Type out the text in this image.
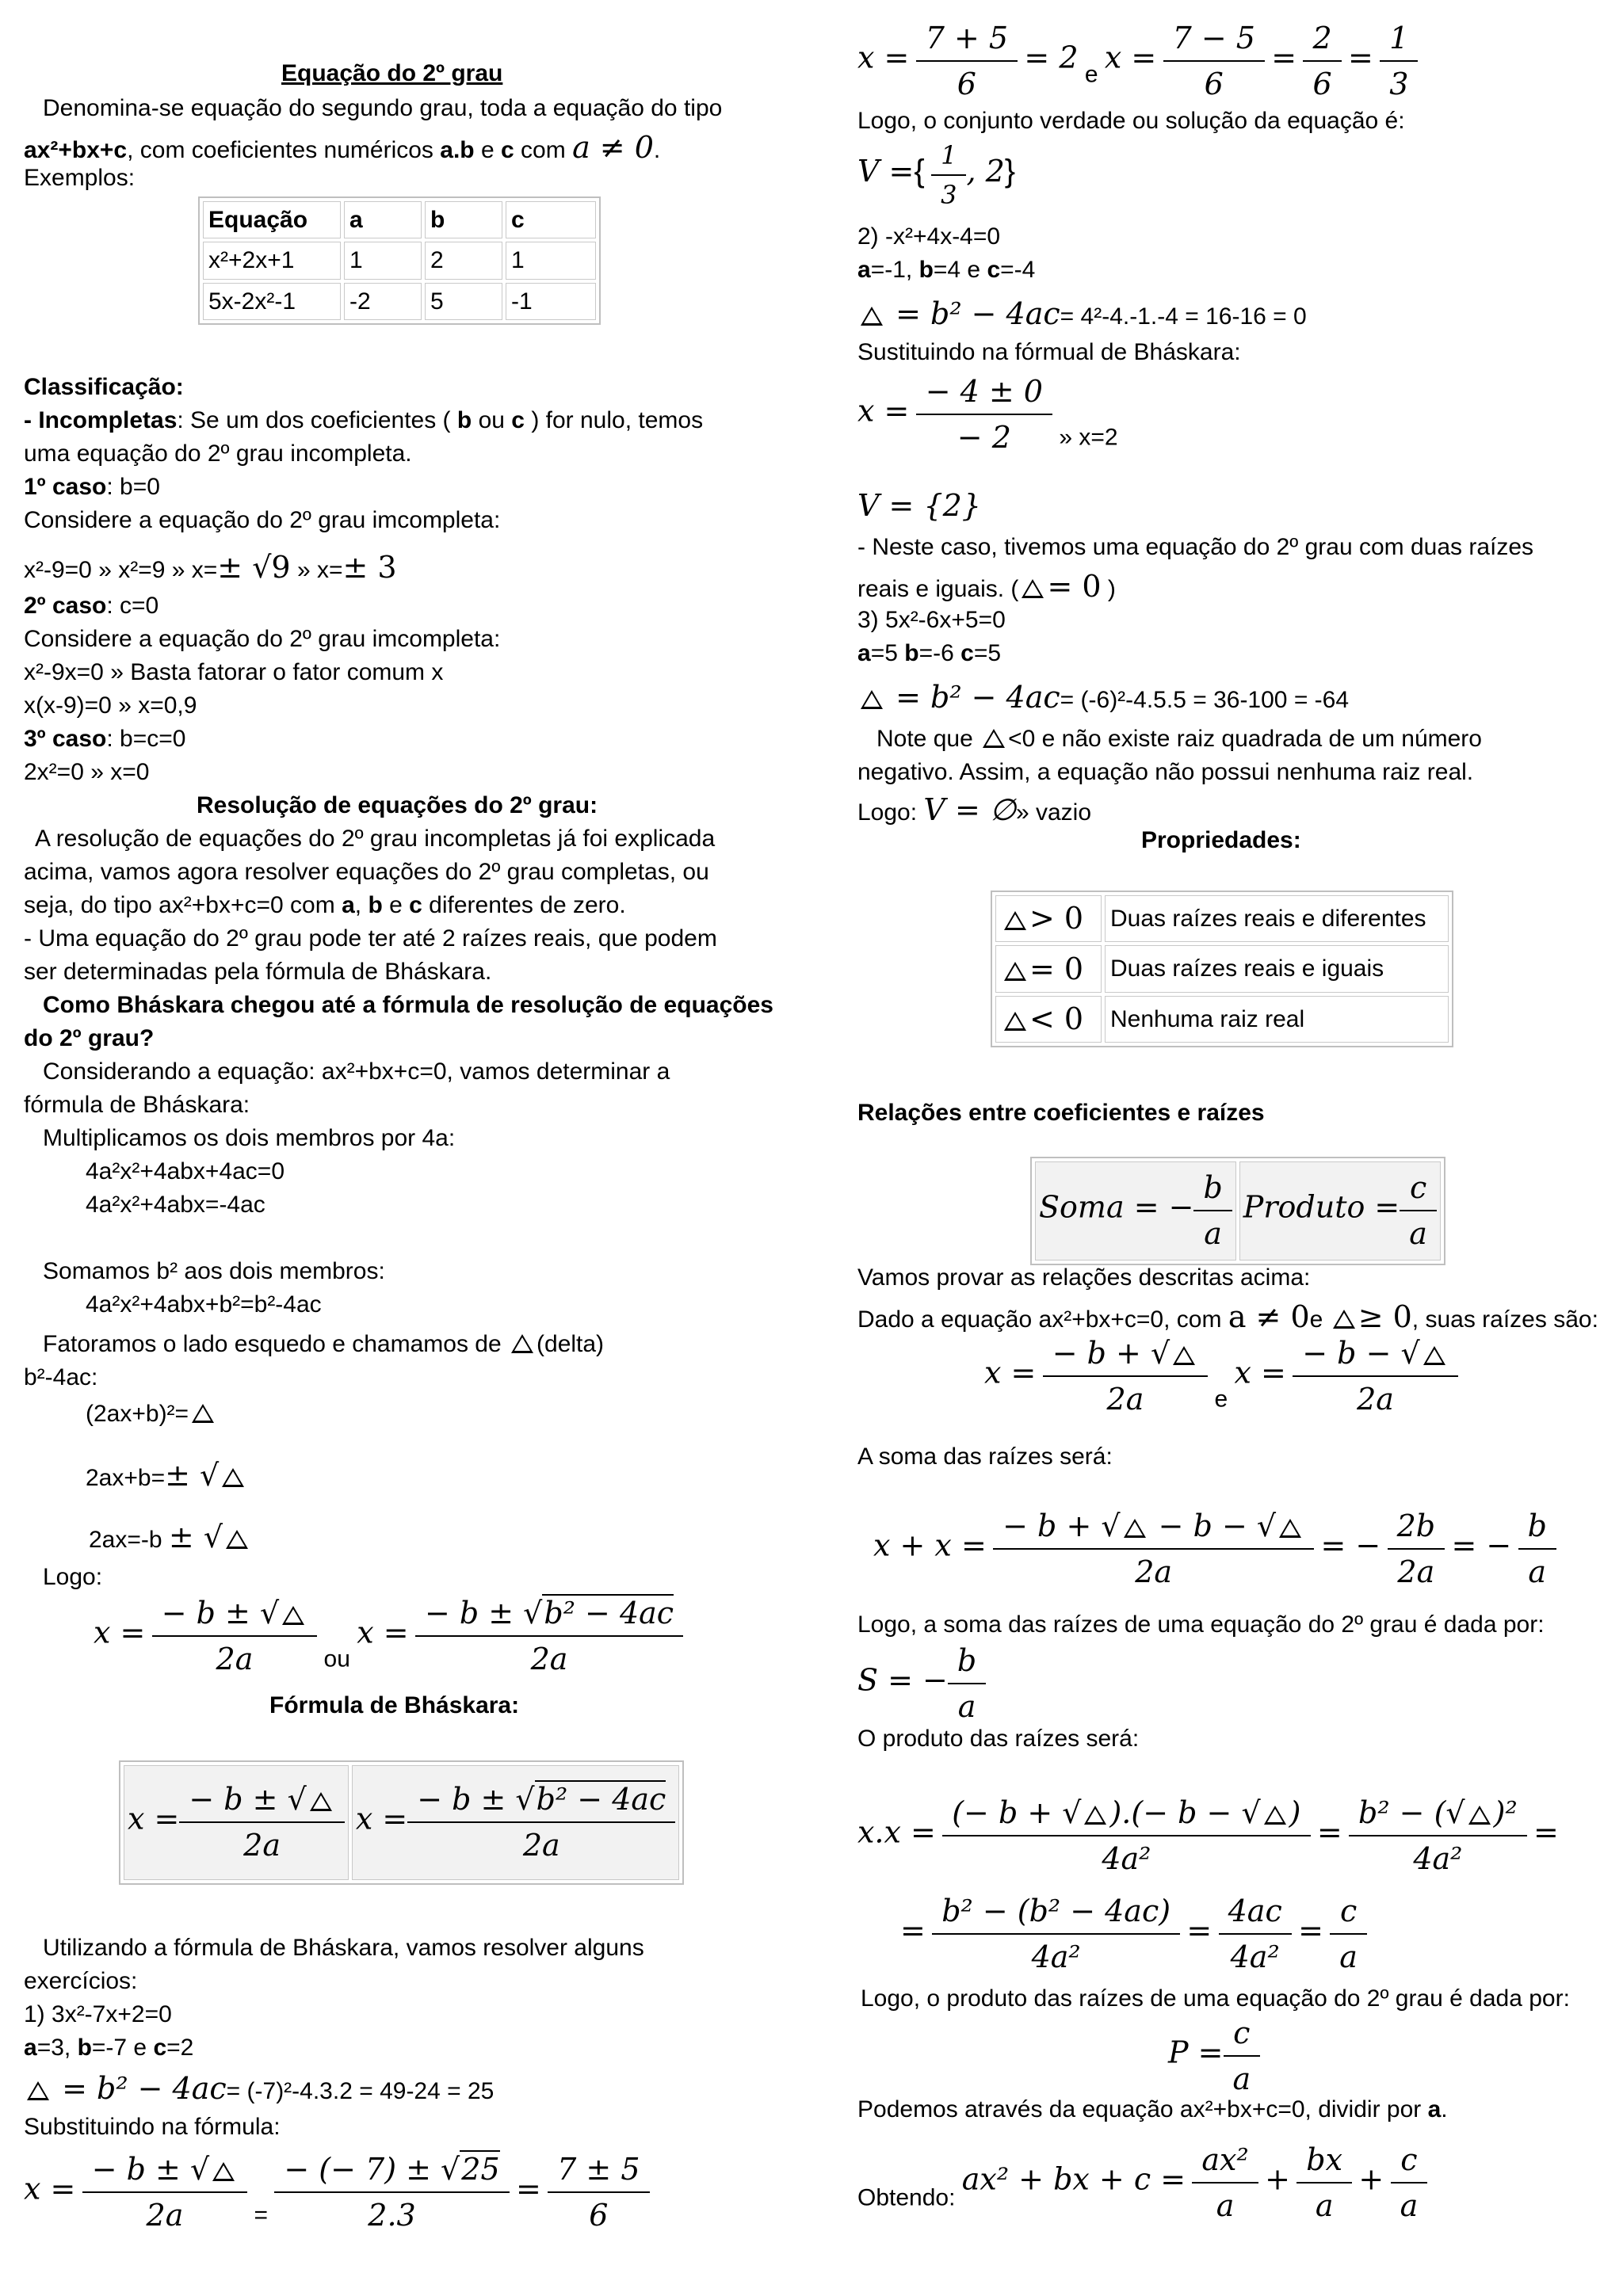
Equação do 2º grau
Denomina-se equação do segundo grau, toda a equação do tipo
ax²+bx+c, com coeficientes numéricos a.b e c com a ≠ 0.
Exemplos:
Equação	a	b	c
x²+2x+1	1	2	1
5x-2x²-1	-2	5	-1
Classificação:
- Incompletas: Se um dos coeficientes ( b ou c ) for nulo, temos
uma equação do 2º grau incompleta.
1º caso: b=0
Considere a equação do 2º grau imcompleta:
x²-9=0 » x²=9 » x=± √9 » x=± 3
2º caso: c=0
Considere a equação do 2º grau imcompleta:
x²-9x=0 » Basta fatorar o fator comum x
x(x-9)=0 » x=0,9
3º caso: b=c=0
2x²=0 » x=0
Resolução de equações do 2º grau:
A resolução de equações do 2º grau incompletas já foi explicada
acima, vamos agora resolver equações do 2º grau completas, ou
seja, do tipo ax²+bx+c=0 com a, b e c diferentes de zero.
- Uma equação do 2º grau pode ter até 2 raízes reais, que podem
ser determinadas pela fórmula de Bháskara.
Como Bháskara chegou até a fórmula de resolução de equações
do 2º grau?
Considerando a equação: ax²+bx+c=0, vamos determinar a
fórmula de Bháskara:
Multiplicamos os dois membros por 4a:
4a²x²+4abx+4ac=0
4a²x²+4abx=-4ac
Somamos b² aos dois membros:
4a²x²+4abx+b²=b²-4ac
Fatoramos o lado esquedo e chamamos de (delta)
b²-4ac:
(2ax+b)²=
2ax+b=± √
2ax=-b ± √
Logo:
$x = \frac{- b \pm √}{2a}$ ou $x = \frac{\text{− b ± √b² − 4ac}}{2a}$
Fórmula de Bháskara:
$x = \frac{- b \pm √}{2a}$	$x = \frac{\text{− b ± √b² − 4ac}}{2a}$
Utilizando a fórmula de Bháskara, vamos resolver alguns
exercícios:
1) 3x²-7x+2=0
a=3, b=-7 e c=2
= b² − 4ac= (-7)²-4.3.2 = 49-24 = 25
Substituindo na fórmula:
$x = \frac{- b \pm √}{2a} = \frac{- (- 7) \pm √25}{2.3} = \frac{7 \pm 5}{6}$
$x = \frac{7 + 5}{6} = 2$ e $x = \frac{7 - 5}{6} = \frac{2}{6} = \frac{1}{3}$
Logo, o conjunto verdade ou solução da equação é:
V ={ $\frac{1}{3}$ , 2}
2) -x²+4x-4=0
a=-1, b=4 e c=-4
= b² − 4ac= 4²-4.-1.-4 = 16-16 = 0
Sustituindo na fórmual de Bháskara:
$x = \frac{- 4 \pm 0}{- 2}$ » x=2
V = {2}
- Neste caso, tivemos uma equação do 2º grau com duas raízes
reais e iguais. ( = 0 )
3) 5x²-6x+5=0
a=5 b=-6 c=5
= b² − 4ac= (-6)²-4.5.5 = 36-100 = -64
Note que <0 e não existe raiz quadrada de um número
negativo. Assim, a equação não possui nenhuma raiz real.
Logo: V = ∅» vazio
Propriedades:
> 0	Duas raízes reais e diferentes
= 0	Duas raízes reais e iguais
< 0	Nenhuma raiz real
Relações entre coeficientes e raízes
Soma = − $\frac{b}{a}$	Produto = $\frac{c}{a}$
Vamos provar as relações descritas acima:
Dado a equação ax²+bx+c=0, com a ≠ 0e ≥ 0, suas raízes são:
$x = \frac{- b + √}{2a}$ e $x = \frac{- b - √}{2a}$
A soma das raízes será:
$x + x = \frac{- b + √ - b - √}{2a}$ = − $\frac{2b}{2a}$ = − $\frac{b}{a}$
Logo, a soma das raízes de uma equação do 2º grau é dada por:
S = − $\frac{b}{a}$
O produto das raízes será:
$x.x = \frac{(- b + √ ).(- b - √ )}{\text{4a²}} = \frac{\text{b² − (√ )²}}{\text{4a²}}$ =
= $\frac{\text{b² − (b² − 4ac)}}{\text{4a²}} = \frac{4ac}{\text{4a²}} = \frac{c}{a}$
Logo, o produto das raízes de uma equação do 2º grau é dada por:
$P = \frac{c}{a}$
Podemos através da equação ax²+bx+c=0, dividir por a.
Obtendo: ax² + bx + $c = \frac{\text{ax²}}{a} + \frac{bx}{a} + \frac{c}{a}$
